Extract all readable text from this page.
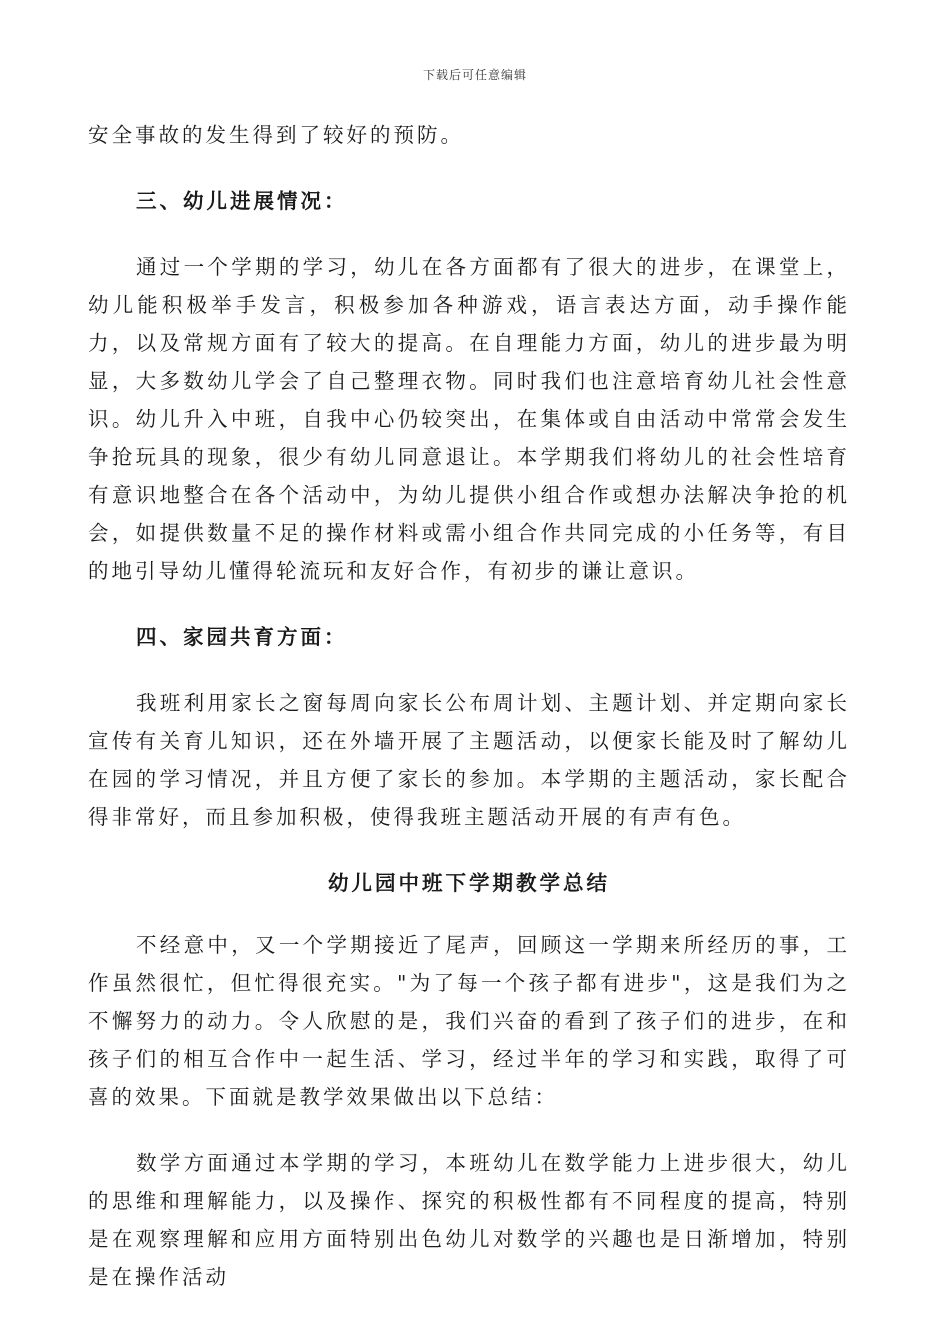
下载后可任意编辑

安全事故的发生得到了较好的预防。

三、幼儿进展情况：

通过一个学期的学习，幼儿在各方面都有了很大的进步，在课堂上，幼儿能积极举手发言，积极参加各种游戏，语言表达方面，动手操作能力，以及常规方面有了较大的提高。在自理能力方面，幼儿的进步最为明显，大多数幼儿学会了自己整理衣物。同时我们也注意培育幼儿社会性意识。幼儿升入中班，自我中心仍较突出，在集体或自由活动中常常会发生争抢玩具的现象，很少有幼儿同意退让。本学期我们将幼儿的社会性培育有意识地整合在各个活动中，为幼儿提供小组合作或想办法解决争抢的机会，如提供数量不足的操作材料或需小组合作共同完成的小任务等，有目的地引导幼儿懂得轮流玩和友好合作，有初步的谦让意识。

四、家园共育方面：

我班利用家长之窗每周向家长公布周计划、主题计划、并定期向家长宣传有关育儿知识，还在外墙开展了主题活动，以便家长能及时了解幼儿在园的学习情况，并且方便了家长的参加。本学期的主题活动，家长配合得非常好，而且参加积极，使得我班主题活动开展的有声有色。

幼儿园中班下学期教学总结

不经意中，又一个学期接近了尾声，回顾这一学期来所经历的事，工作虽然很忙，但忙得很充实。"为了每一个孩子都有进步"，这是我们为之不懈努力的动力。令人欣慰的是，我们兴奋的看到了孩子们的进步，在和孩子们的相互合作中一起生活、学习，经过半年的学习和实践，取得了可喜的效果。下面就是教学效果做出以下总结：

数学方面通过本学期的学习，本班幼儿在数学能力上进步很大，幼儿的思维和理解能力，以及操作、探究的积极性都有不同程度的提高，特别是在观察理解和应用方面特别出色幼儿对数学的兴趣也是日渐增加，特别是在操作活动
